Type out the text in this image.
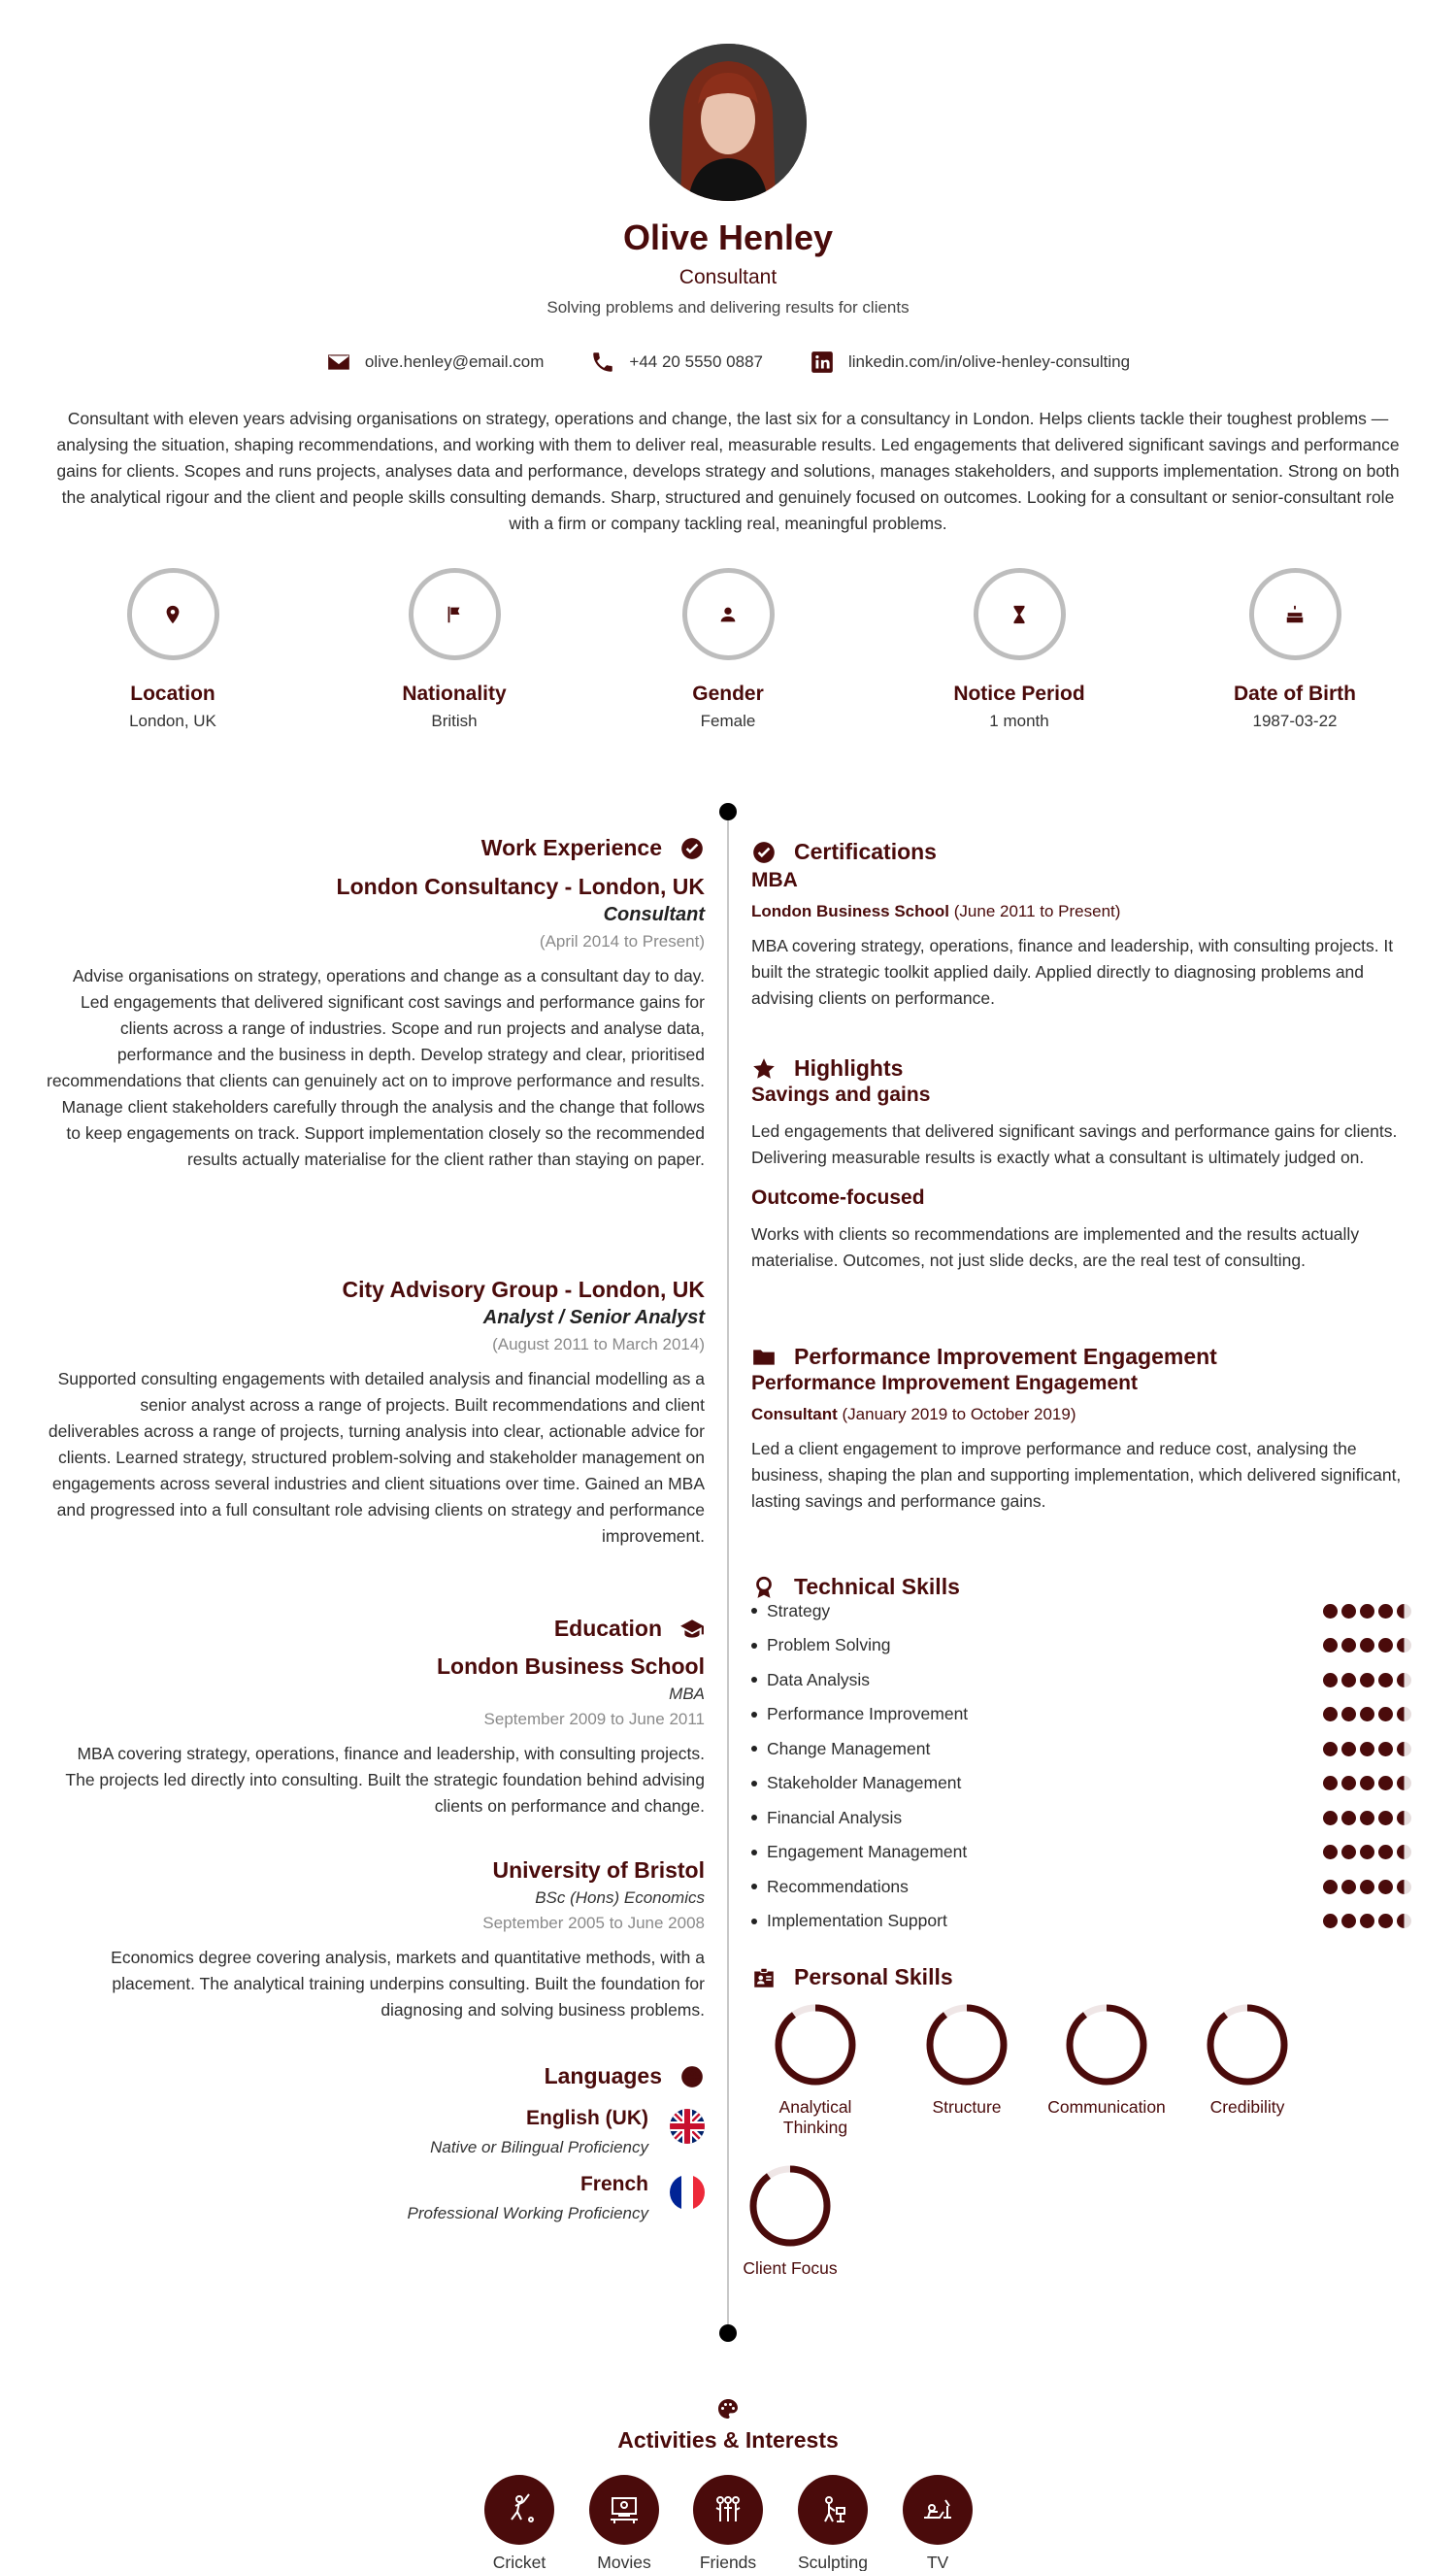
Olive Henley
Consultant
Solving problems and delivering results for clients
olive.henley@email.com	+44 20 5550 0887	linkedin.com/in/olive-henley-consulting
Consultant with eleven years advising organisations on strategy, operations and change, the last six for a consultancy in London. Helps clients tackle their toughest problems — analysing the situation, shaping recommendations, and working with them to deliver real, measurable results. Led engagements that delivered significant savings and performance gains for clients. Scopes and runs projects, analyses data and performance, develops strategy and solutions, manages stakeholders, and supports implementation. Strong on both the analytical rigour and the client and people skills consulting demands. Sharp, structured and genuinely focused on outcomes. Looking for a consultant or senior-consultant role with a firm or company tackling real, meaningful problems.
Location
London, UK
Nationality
British
Gender
Female
Notice Period
1 month
Date of Birth
1987-03-22
Work Experience
London Consultancy - London, UK
Consultant
(April 2014 to Present)
Advise organisations on strategy, operations and change as a consultant day to day. Led engagements that delivered significant cost savings and performance gains for clients across a range of industries. Scope and run projects and analyse data, performance and the business in depth. Develop strategy and clear, prioritised recommendations that clients can genuinely act on to improve performance and results. Manage client stakeholders carefully through the analysis and the change that follows to keep engagements on track. Support implementation closely so the recommended results actually materialise for the client rather than staying on paper.
City Advisory Group - London, UK
Analyst / Senior Analyst
(August 2011 to March 2014)
Supported consulting engagements with detailed analysis and financial modelling as a senior analyst across a range of projects. Built recommendations and client deliverables across a range of projects, turning analysis into clear, actionable advice for clients. Learned strategy, structured problem-solving and stakeholder management on engagements across several industries and client situations over time. Gained an MBA and progressed into a full consultant role advising clients on strategy and performance improvement.
Education
London Business School
MBA
September 2009 to June 2011
MBA covering strategy, operations, finance and leadership, with consulting projects. The projects led directly into consulting. Built the strategic foundation behind advising clients on performance and change.
University of Bristol
BSc (Hons) Economics
September 2005 to June 2008
Economics degree covering analysis, markets and quantitative methods, with a placement. The analytical training underpins consulting. Built the foundation for diagnosing and solving business problems.
Languages
English (UK)
Native or Bilingual Proficiency
French
Professional Working Proficiency
Certifications
MBA
London Business School (June 2011 to Present)
MBA covering strategy, operations, finance and leadership, with consulting projects. It built the strategic toolkit applied daily. Applied directly to diagnosing problems and advising clients on performance.
Highlights
Savings and gains
Led engagements that delivered significant savings and performance gains for clients. Delivering measurable results is exactly what a consultant is ultimately judged on.
Outcome-focused
Works with clients so recommendations are implemented and the results actually materialise. Outcomes, not just slide decks, are the real test of consulting.
Performance Improvement Engagement
Performance Improvement Engagement
Consultant (January 2019 to October 2019)
Led a client engagement to improve performance and reduce cost, analysing the business, shaping the plan and supporting implementation, which delivered significant, lasting savings and performance gains.
Technical Skills
Strategy
Problem Solving
Data Analysis
Performance Improvement
Change Management
Stakeholder Management
Financial Analysis
Engagement Management
Recommendations
Implementation Support
Personal Skills
Analytical Thinking
Structure	Communication	Credibility
Client Focus
Activities & Interests
Cricket	Movies	Friends	Sculpting	TV
